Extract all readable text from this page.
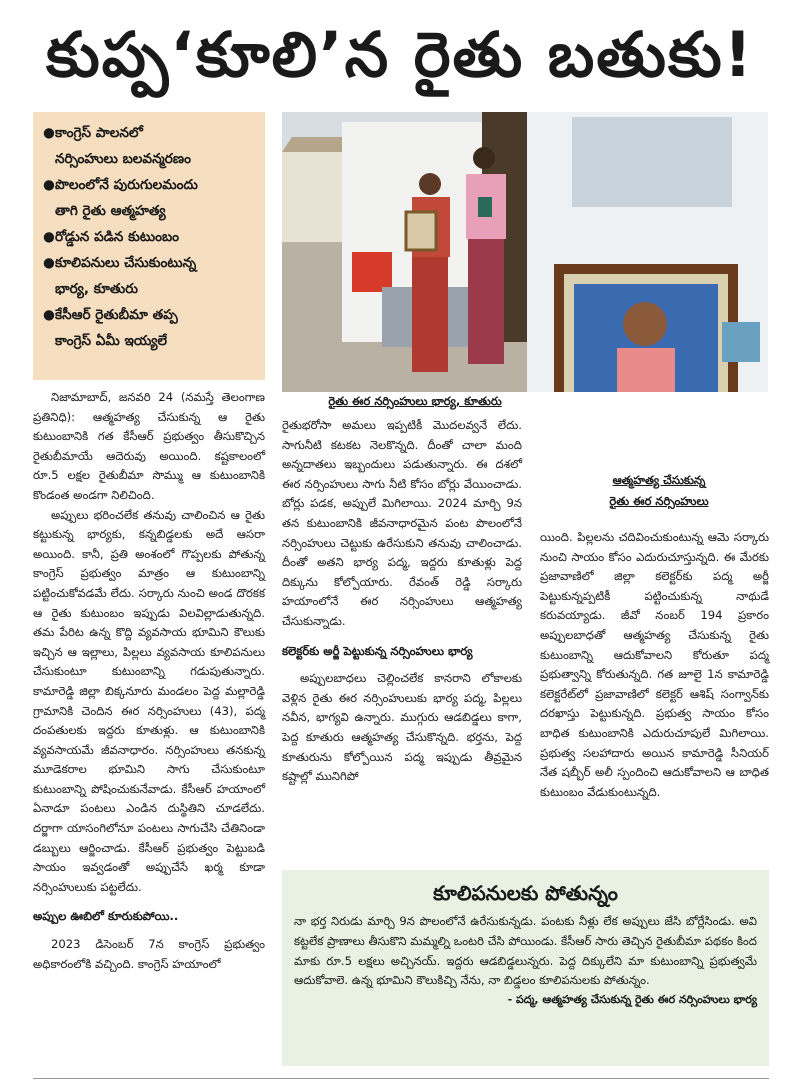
కుప్ప‘కూలి’న రైతు బతుకు!
●కాంగ్రెస్ పాలనలో
నర్సింహులు బలవన్మరణం
●పొలంలోనే పురుగులమందు
తాగి రైతు ఆత్మహత్య
●రోడ్డున పడిన కుటుంబం
●కూలిపనులు చేసుకుంటున్న
భార్య, కూతురు
●కేసీఆర్ రైతుబీమా తప్ప
కాంగ్రెస్ ఏమీ ఇయ్యలే
రైతు ఈర నర్సింహులు భార్య, కూతురు
ఆత్మహత్య చేసుకున్న
రైతు ఈర నర్సింహులు

నిజామాబాద్, జనవరి 24 (నమస్తే తెలంగాణ ప్రతినిధి): ఆత్మహత్య చేసుకున్న ఆ రైతు కుటుంబానికి గత కేసీఆర్ ప్రభుత్వం తీసుకొచ్చిన రైతుబీమాయే ఆదెరువు అయింది. కష్టకాలంలో రూ.5 లక్షల రైతుబీమా సొమ్ము ఆ కుటుంబానికి కొండంత అండగా నిలిచింది.

అప్పులు భరించలేక తనువు చాలించిన ఆ రైతు కట్టుకున్న భార్యకు, కన్నబిడ్డలకు అదే ఆసరా అయింది. కానీ, ప్రతి అంశంలో గొప్పలకు పోతున్న కాంగ్రెస్ ప్రభుత్వం మాత్రం ఆ కుటుంబాన్ని పట్టించుకోవడమే లేదు. సర్కారు నుంచి అండ దొరకక ఆ రైతు కుటుంబం ఇప్పుడు విలవిల్లాడుతున్నది. తమ పేరిట ఉన్న కొద్ది వ్యవసాయ భూమిని కౌలుకు ఇచ్చిన ఆ ఇల్లాలు, పిల్లలు వ్యవసాయ కూలిపనులు చేసుకుంటూ కుటుంబాన్ని గడుపుతున్నారు. కామారెడ్డి జిల్లా బిక్కనూరు మండలం పెద్ద మల్లారెడ్డి గ్రామానికి చెందిన ఈర నర్సింహులు (43), పద్మ దంపతులకు ఇద్దరు కూతుళ్లు. ఆ కుటుంబానికి వ్యవసాయమే జీవనాధారం. నర్సింహులు తనకున్న మూడెకరాల భూమిని సాగు చేసుకుంటూ కుటుంబాన్ని పోషించుకునేవాడు. కేసీఆర్ హయాంలో ఏనాడూ పంటలు ఎండిన దుస్థితిని చూడలేదు. దర్జాగా యాసంగిలోనూ పంటలు సాగుచేసి చేతినిండా డబ్బులు ఆర్జించాడు. కేసీఆర్ ప్రభుత్వం పెట్టుబడి సాయం ఇవ్వడంతో అప్పుచేసే ఖర్మ కూడా నర్సింహులుకు పట్టలేదు.

అప్పుల ఊబిలో కూరుకుపోయి..

2023 డిసెంబర్ 7న కాంగ్రెస్ ప్రభుత్వం అధికారంలోకి వచ్చింది. కాంగ్రెస్ హయాంలో

రైతుభరోసా అమలు ఇప్పటికీ మొదలవ్వనే లేదు. సాగునీటి కటకట నెలకొన్నది. దీంతో చాలా మంది అన్నదాతలు ఇబ్బందులు పడుతున్నారు. ఈ దశలో ఈర నర్సింహులు సాగు నీటి కోసం బోర్లు వేయించాడు. బోర్లు పడక, అప్పులే మిగిలాయి. 2024 మార్చి 9న తన కుటుంబానికి జీవనాధారమైన పంట పొలంలోనే నర్సింహులు చెట్టుకు ఉరేసుకుని తనువు చాలించాడు. దీంతో అతని భార్య పద్మ, ఇద్దరు కూతుళ్లు పెద్ద దిక్కును కోల్పోయారు. రేవంత్ రెడ్డి సర్కారు హయాంలోనే ఈర నర్సింహులు ఆత్మహత్య చేసుకున్నాడు.

కలెక్టర్‌కు అర్జీ పెట్టుకున్న నర్సింహులు భార్య

అప్పులబాధలు చెల్లించలేక కానరాని లోకాలకు వెళ్లిన రైతు ఈర నర్సింహులుకు భార్య పద్మ, పిల్లలు నవీన, భాగ్యవి ఉన్నారు. ముగ్గురు ఆడబిడ్డలు కాగా, పెద్ద కూతురు ఆత్మహత్య చేసుకొన్నది. భర్తను, పెద్ద కూతురును కోల్పోయిన పద్మ ఇప్పుడు తీవ్రమైన కష్టాల్లో మునిగిపో

యింది. పిల్లలను చదివించుకుంటున్న ఆమె సర్కారు నుంచి సాయం కోసం ఎదురుచూస్తున్నది. ఈ మేరకు ప్రజావాణిలో జిల్లా కలెక్టర్‌కు పద్మ అర్జీ పెట్టుకున్నప్పటికీ పట్టించుకున్న నాథుడే కరువయ్యాడు. జీవో నంబర్ 194 ప్రకారం అప్పులబాధతో ఆత్మహత్య చేసుకున్న రైతు కుటుంబాన్ని ఆదుకోవాలని కోరుతూ పద్మ ప్రభుత్వాన్ని కోరుతున్నది. గత జూలై 1న కామారెడ్డి కలెక్టరేట్‌లో ప్రజావాణిలో కలెక్టర్ ఆశిష్ సంగ్వాన్‌కు దరఖాస్తు పెట్టుకున్నది. ప్రభుత్వ సాయం కోసం బాధిత కుటుంబానికి ఎదురుచూపులే మిగిలాయి. ప్రభుత్వ సలహాదారు అయిన కామారెడ్డి సీనియర్ నేత షబ్బీర్ అలీ స్పందించి ఆదుకోవాలని ఆ బాధిత కుటుంబం వేడుకుంటున్నది.

కూలిపనులకు పోతున్నం
నా భర్త నిరుడు మార్చి 9న పొలంలోనే ఉరేసుకున్నడు. పంటకు నీళ్లు లేక అప్పులు జేసి బోర్లేసిండు. అవి కట్టలేక ప్రాణాలు తీసుకొని మమ్మల్ని ఒంటరి చేసి పోయిండు. కేసీఆర్ సారు తెచ్చిన రైతుబీమా పథకం కింద మాకు రూ.5 లక్షలు అచ్చినయ్. ఇద్దరు ఆడబిడ్డలున్నరు. పెద్ద దిక్కులేని మా కుటుంబాన్ని ప్రభుత్వమే ఆదుకోవాలె. ఉన్న భూమిని కౌలుకిచ్చి నేను, నా బిడ్డలం కూలిపనులకు పోతున్నం.
- పద్మ, ఆత్మహత్య చేసుకున్న రైతు ఈర నర్సింహులు భార్య
